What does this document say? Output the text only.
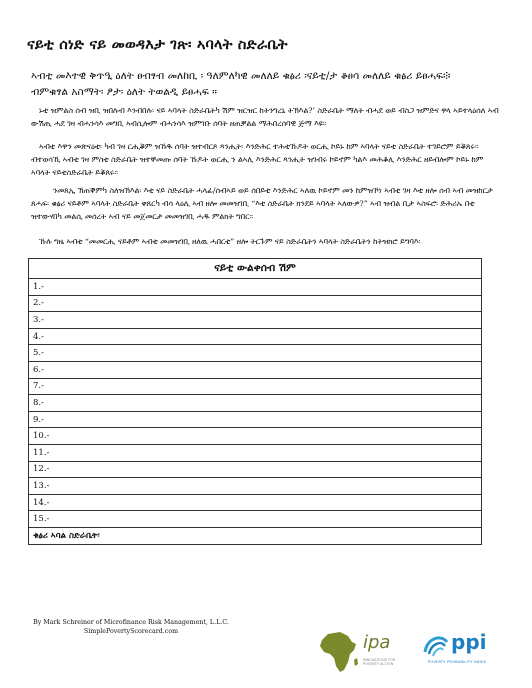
ናይቲ ሰነድ ናይ መወዳእታ ገጽ፡ ኣባላት ስድራቤት
ኣብቲ መእተዊ ቅጥዒ ዕለት ፀብፃብ መለከቢ ፡ ዓለምለካዊ መለለይ ቁፅሪ ፡ናይቲ/ታ ቆፀሳ መለለይ ቁፅሪ ይፀሓፍ፨
ብምቁፃል አስማት፡ ፆታ፡ ዕለት ትወልዲ ይፀሓፍ ።

ኑቲ ዝምልስ ሰብ ዝቢ ዝበሉብ እንብበሉ፡ ናይ ኣባላት ስድራቤትካ ሽም ዝርዝር ከትንግረኒ ትኽእል?’ ስድራቤት ማለት ብሓደ ወይ ብስጋ ዝምድና ዋላ ኣይተላዕሰለ ኣብ ውሽጢ ሓደ ገዛ ብሓንሳእ መግቢ ኣብሲሎም ብሓንሳእ ዝምገቡ ሰባት ዘጠቓልል ማሕበረሰባዊ ጅማ እዩ፡፡

ኣብቲ እዋን መጽናዕቲ፡ ካብ ገዛ ርሒቖም ዝኸዱ ሰባት ዝተብርጾ ጻንሒት፡ እንድሕር ተሕቲኹዶት ወርሒ ኮይኑ ከም ኣባላት ናይቲ ስድራቤት ተገይሮም ይቖጸሩ፡፡ ብተወሳኺ ኣብቲ ገዛ ምስቲ ስድራቤት ዝተቐመጡ ሰባት ኹዶት ወርሒ ን ልኣሊ እንድሕር ጻንሒት ዝገብሩ ኮይኖም ካልእ መሕቆሊ እንድሕር ዘይብሎም ኮይኑ ከም ኣባላት ናይቲስድራቤት ይቖጸሩ፡፡

ንመጸኢ ኽጠቕምካ ስለዝኽእል፡ እቲ ናይ ስድራቤት ሓላፊ/ሰብኣይ ወይ ሰበይቲ እንድሕር ኣለዉ ኮይኖም መን ከምዝኾነ ኣብቲ ገዛ እቲ ዘሎ ሰብ ኣብ መዝከርታ ጸሓፍ፡ ቁፅሪ ናይቶም ኣባላት ስድራቤት ቀጸርካ ብሳ ላዕሊ ኣብ ዘሎ መመዝገቢ “እቲ ስድራቤት ክንደይ ኣባላት ኣለውዎ?” ኣብ ዝብል ቢታ ኣስፍሮ፡ ድሕሪኡ በቲ ዝተውሃበካ መልሲ መሰረት ኣብ ናይ መጀመርታ መመዝገቢ ሓዱ ምልክት ግበር፡፡

ኹሉ ግዜ ኣብቲ “መመርሒ ናይቶም ኣብቲ መመዝገቢ ዘለዉ ሓበርቲ” ዘሎ ትርጉም ናይ ስድራቤትን ኣባላት ስድራቤትን ከትዝክሮ ይግባእ፡

ናይቲ ውልቀሰብ ሽም
1.-
2.-
3.-
4.-
5.-
6.-
7.-
8.-
9.-
10.-
11.-
12.-
13.-
14.-
15.-
ቁፅሪ ኣባል ስድራቤት፡
By Mark Schreiner of Microfinance Risk Management, L.L.C.
SimplePovertyScorecard.com
ipa
INNOVATIONS FOR POVERTY ACTION
ppi
POVERTY PROBABILITY INDEX
